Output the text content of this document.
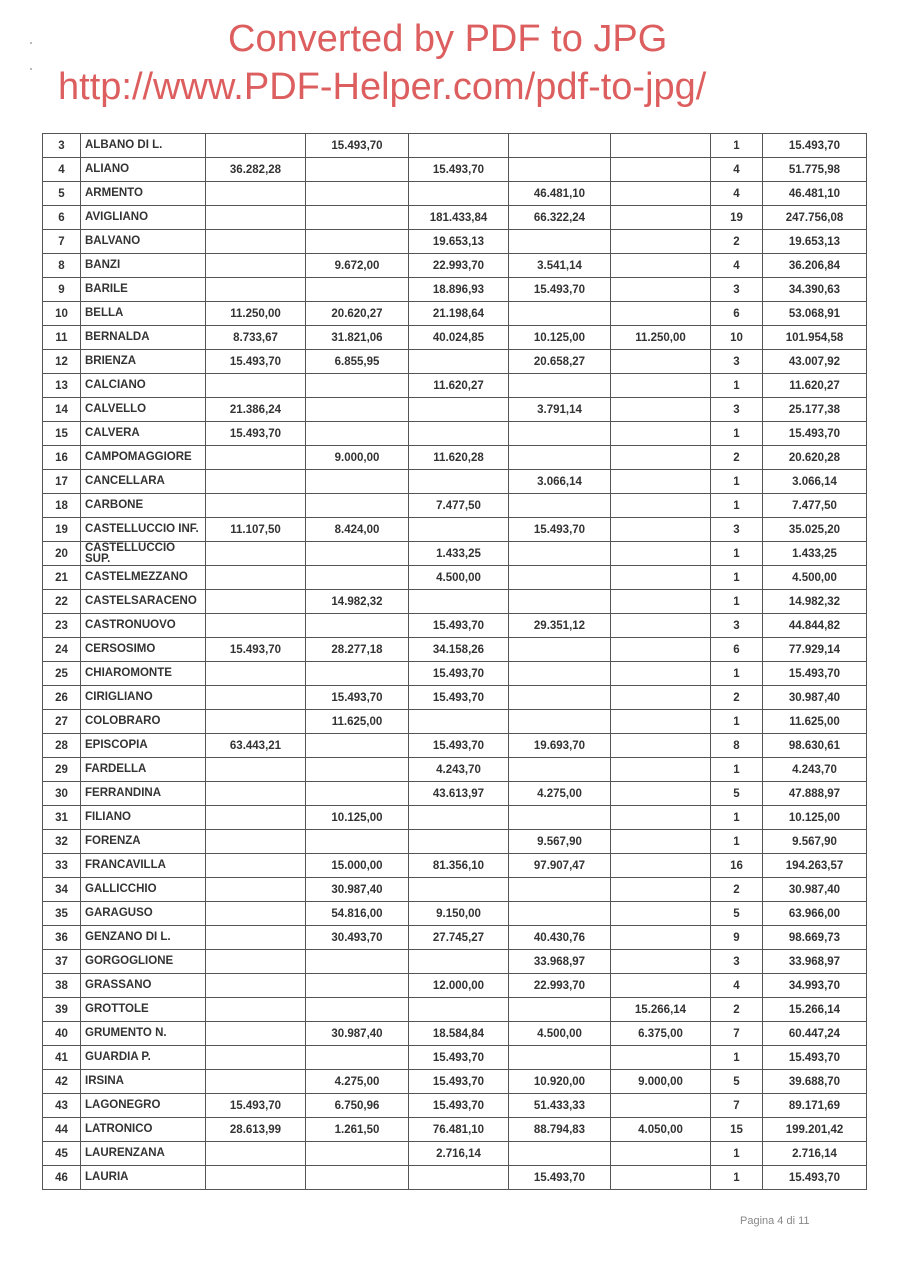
3	ALBANO DI L.		15.493,70				1	15.493,70
4	ALIANO	36.282,28		15.493,70			4	51.775,98
5	ARMENTO				46.481,10		4	46.481,10
6	AVIGLIANO			181.433,84	66.322,24		19	247.756,08
7	BALVANO			19.653,13			2	19.653,13
8	BANZI		9.672,00	22.993,70	3.541,14		4	36.206,84
9	BARILE			18.896,93	15.493,70		3	34.390,63
10	BELLA	11.250,00	20.620,27	21.198,64			6	53.068,91
11	BERNALDA	8.733,67	31.821,06	40.024,85	10.125,00	11.250,00	10	101.954,58
12	BRIENZA	15.493,70	6.855,95		20.658,27		3	43.007,92
13	CALCIANO			11.620,27			1	11.620,27
14	CALVELLO	21.386,24			3.791,14		3	25.177,38
15	CALVERA	15.493,70					1	15.493,70
16	CAMPOMAGGIORE		9.000,00	11.620,28			2	20.620,28
17	CANCELLARA				3.066,14		1	3.066,14
18	CARBONE			7.477,50			1	7.477,50
19	CASTELLUCCIO INF.	11.107,50	8.424,00		15.493,70		3	35.025,20
20	CASTELLUCCIO SUP.			1.433,25			1	1.433,25
21	CASTELMEZZANO			4.500,00			1	4.500,00
22	CASTELSARACENO		14.982,32				1	14.982,32
23	CASTRONUOVO			15.493,70	29.351,12		3	44.844,82
24	CERSOSIMO	15.493,70	28.277,18	34.158,26			6	77.929,14
25	CHIAROMONTE			15.493,70			1	15.493,70
26	CIRIGLIANO		15.493,70	15.493,70			2	30.987,40
27	COLOBRARO		11.625,00				1	11.625,00
28	EPISCOPIA	63.443,21		15.493,70	19.693,70		8	98.630,61
29	FARDELLA			4.243,70			1	4.243,70
30	FERRANDINA			43.613,97	4.275,00		5	47.888,97
31	FILIANO		10.125,00				1	10.125,00
32	FORENZA				9.567,90		1	9.567,90
33	FRANCAVILLA		15.000,00	81.356,10	97.907,47		16	194.263,57
34	GALLICCHIO		30.987,40				2	30.987,40
35	GARAGUSO		54.816,00	9.150,00			5	63.966,00
36	GENZANO DI L.		30.493,70	27.745,27	40.430,76		9	98.669,73
37	GORGOGLIONE				33.968,97		3	33.968,97
38	GRASSANO			12.000,00	22.993,70		4	34.993,70
39	GROTTOLE					15.266,14	2	15.266,14
40	GRUMENTO N.		30.987,40	18.584,84	4.500,00	6.375,00	7	60.447,24
41	GUARDIA P.			15.493,70			1	15.493,70
42	IRSINA		4.275,00	15.493,70	10.920,00	9.000,00	5	39.688,70
43	LAGONEGRO	15.493,70	6.750,96	15.493,70	51.433,33		7	89.171,69
44	LATRONICO	28.613,99	1.261,50	76.481,10	88.794,83	4.050,00	15	199.201,42
45	LAURENZANA			2.716,14			1	2.716,14
46	LAURIA				15.493,70		1	15.493,70
Converted by PDF to JPG
http://www.PDF-Helper.com/pdf-to-jpg/
Pagina 4 di 11
